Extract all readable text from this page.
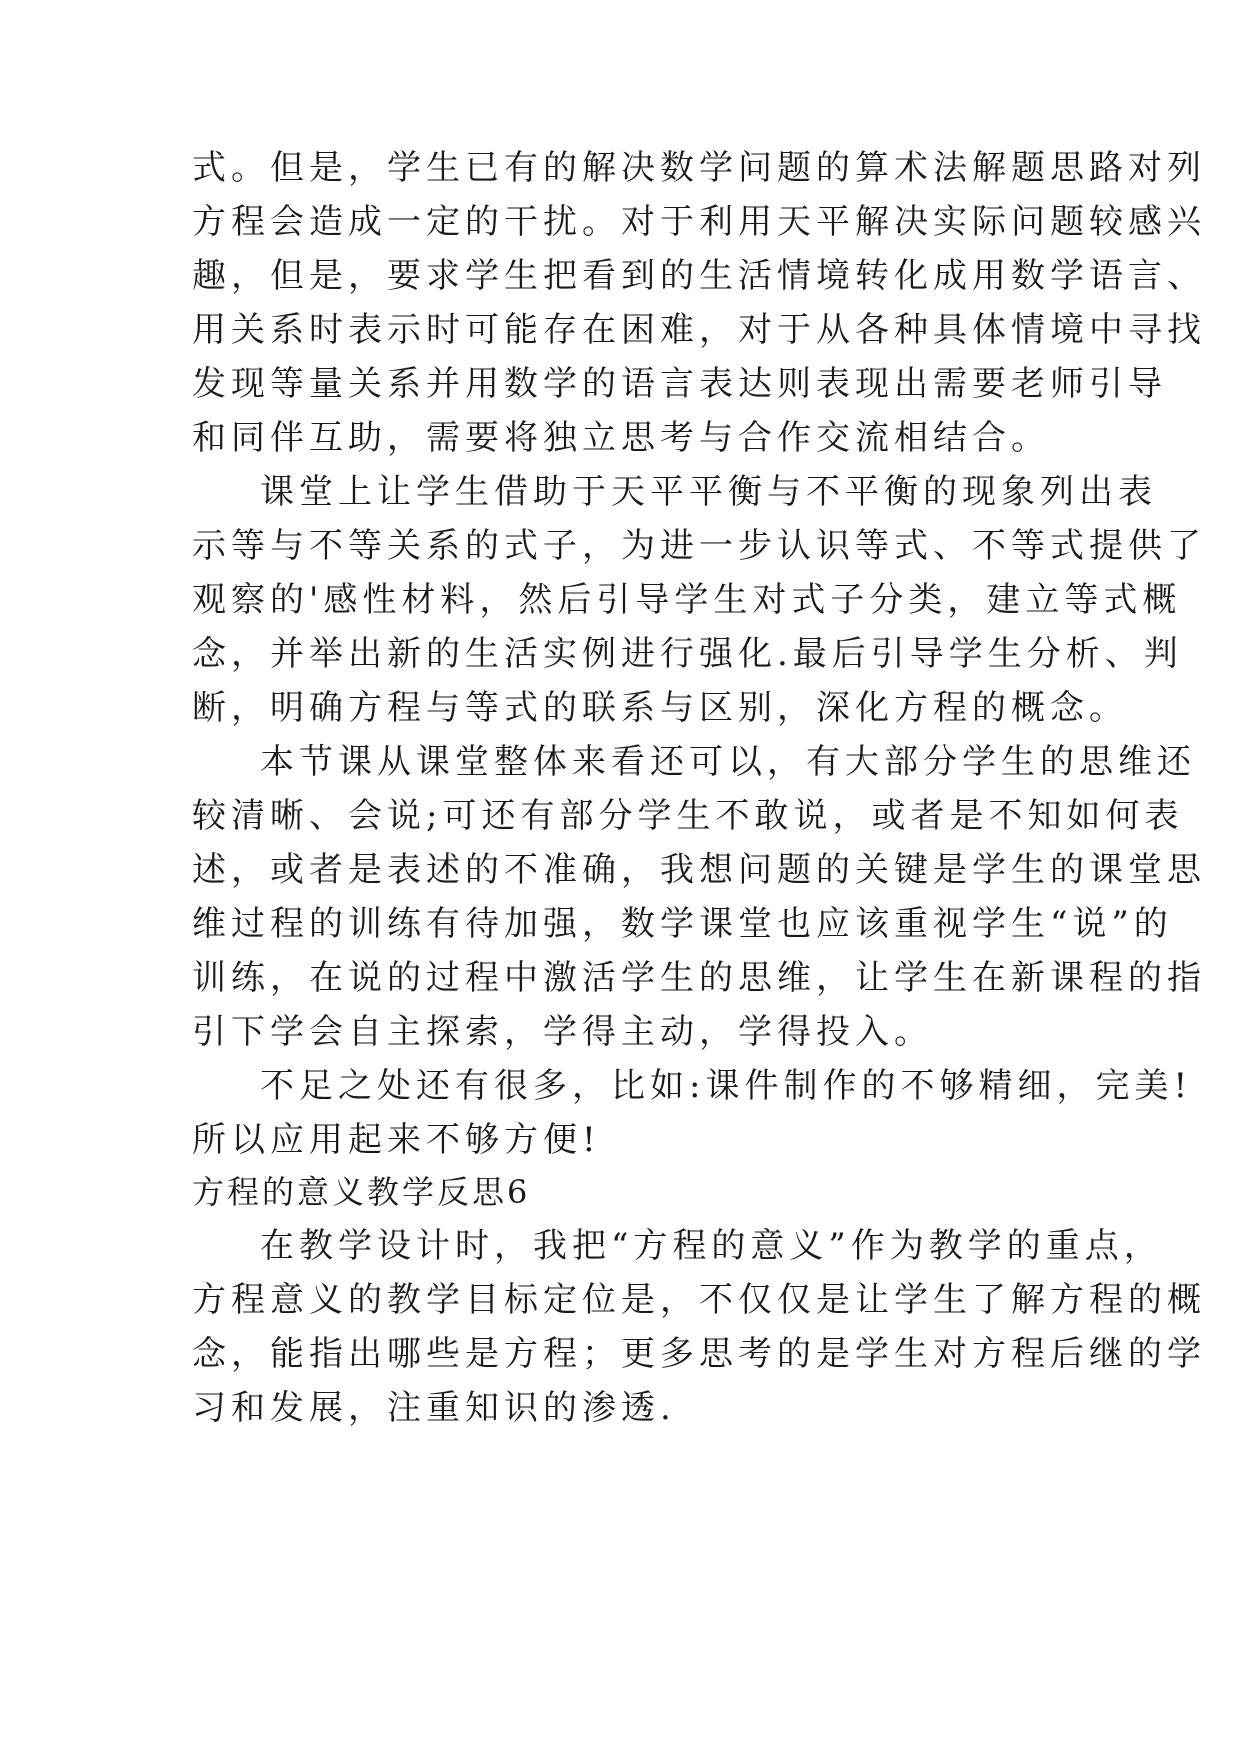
式。但是，学生已有的解决数学问题的算术法解题思路对列
方程会造成一定的干扰。对于利用天平解决实际问题较感兴
趣，但是，要求学生把看到的生活情境转化成用数学语言、
用关系时表示时可能存在困难，对于从各种具体情境中寻找
发现等量关系并用数学的语言表达则表现出需要老师引导
和同伴互助，需要将独立思考与合作交流相结合。
课堂上让学生借助于天平平衡与不平衡的现象列出表
示等与不等关系的式子，为进一步认识等式、不等式提供了
观察的'感性材料，然后引导学生对式子分类，建立等式概
念，并举出新的生活实例进行强化.最后引导学生分析、判
断，明确方程与等式的联系与区别，深化方程的概念。
本节课从课堂整体来看还可以，有大部分学生的思维还
较清晰、会说;可还有部分学生不敢说，或者是不知如何表
述，或者是表述的不准确，我想问题的关键是学生的课堂思
维过程的训练有待加强，数学课堂也应该重视学生“说”的
训练，在说的过程中激活学生的思维，让学生在新课程的指
引下学会自主探索，学得主动，学得投入。
不足之处还有很多，比如:课件制作的不够精细，完美!
所以应用起来不够方便!
方程的意义教学反思6
在教学设计时，我把“方程的意义”作为教学的重点，
方程意义的教学目标定位是，不仅仅是让学生了解方程的概
念，能指出哪些是方程；更多思考的是学生对方程后继的学
习和发展，注重知识的渗透.
